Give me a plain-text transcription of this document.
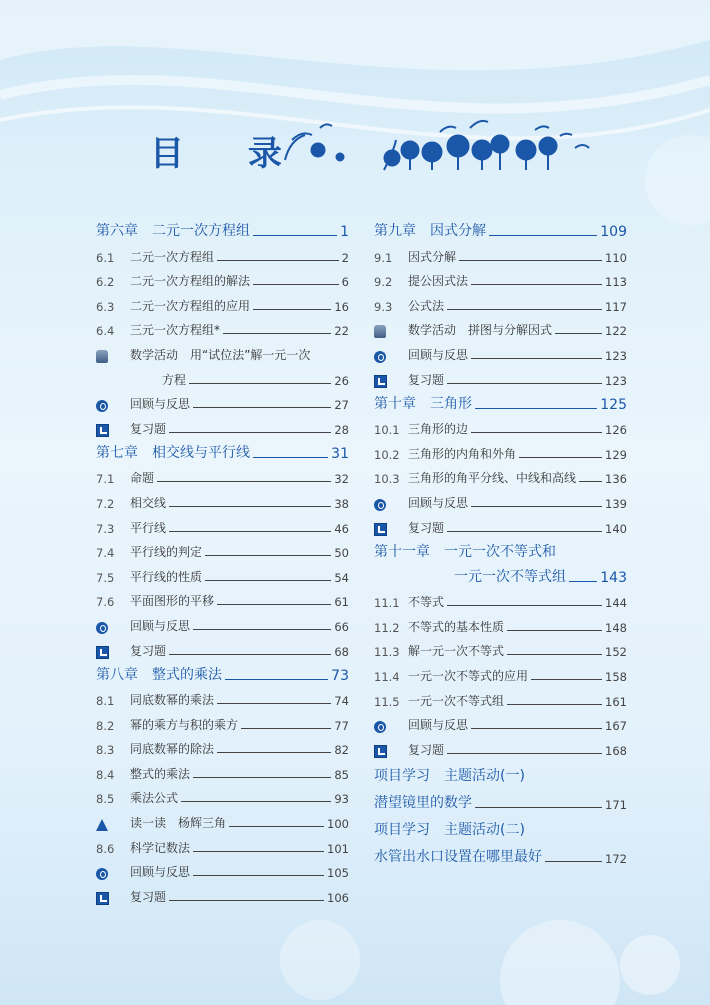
目 录
第六章　二元一次方程组	1
6.1	二元一次方程组	2
6.2	二元一次方程组的解法	6
6.3	二元一次方程组的应用	16
6.4	三元一次方程组*	22
数学活动　用“试位法”解一元一次
方程	26
回顾与反思	27
复习题	28
第七章　相交线与平行线	31
7.1	命题	32
7.2	相交线	38
7.3	平行线	46
7.4	平行线的判定	50
7.5	平行线的性质	54
7.6	平面图形的平移	61
回顾与反思	66
复习题	68
第八章　整式的乘法	73
8.1	同底数幂的乘法	74
8.2	幂的乘方与积的乘方	77
8.3	同底数幂的除法	82
8.4	整式的乘法	85
8.5	乘法公式	93
读一读　杨辉三角	100
8.6	科学记数法	101
回顾与反思	105
复习题	106
第九章　因式分解	109
9.1	因式分解	110
9.2	提公因式法	113
9.3	公式法	117
数学活动　拼图与分解因式	122
回顾与反思	123
复习题	123
第十章　三角形	125
10.1 三角形的边	126
10.2 三角形的内角和外角	129
10.3 三角形的角平分线、中线和高线	136
回顾与反思	139
复习题	140
第十一章　一元一次不等式和
一元一次不等式组 143
11.1 不等式	144
11.2 不等式的基本性质	148
11.3 解一元一次不等式	152
11.4 一元一次不等式的应用	158
11.5 一元一次不等式组	161
回顾与反思	167
复习题	168
项目学习　主题活动(一)
潜望镜里的数学	171
项目学习　主题活动(二)
水管出水口设置在哪里最好	172
